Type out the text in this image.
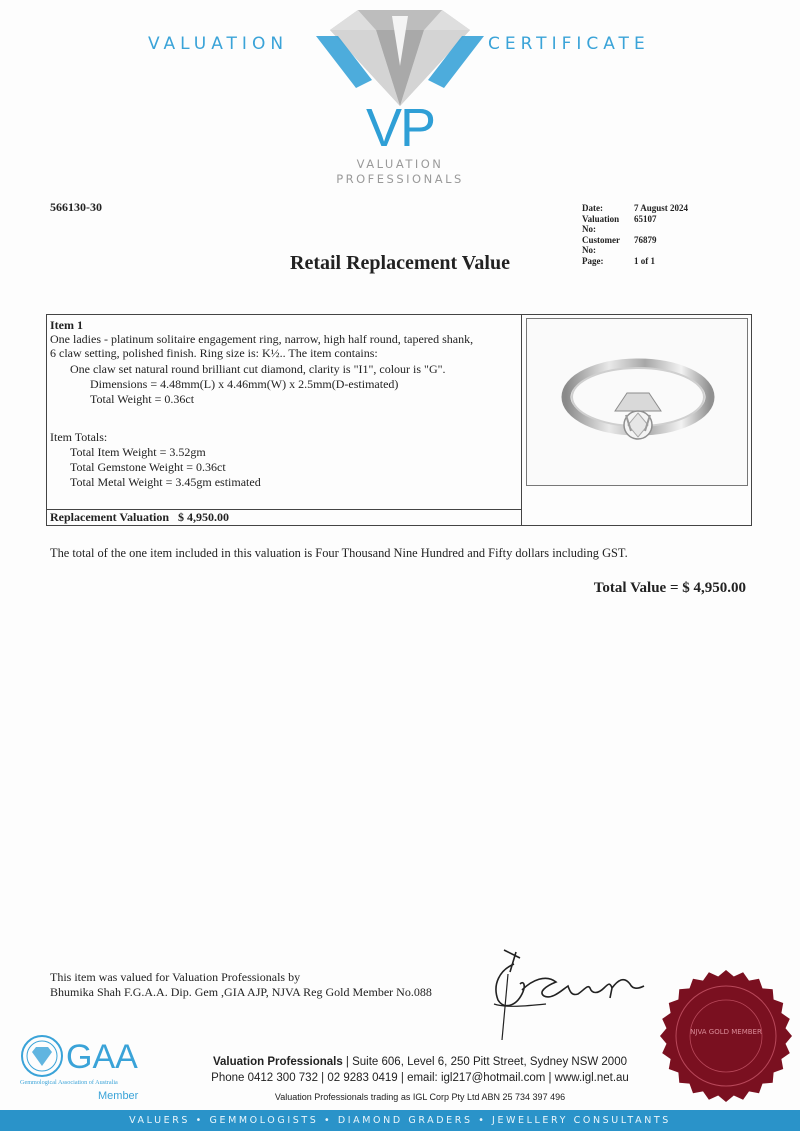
VALUATION	CERTIFICATE
VP
VALUATION
PROFESSIONALS
566130-30	Date:	7 August 2024
Valuation No:
65107
Customer No:
76879
Page:	1 of 1
Retail Replacement Value
Item 1
One ladies - platinum solitaire engagement ring, narrow, high half round, tapered shank,
6 claw setting, polished finish. Ring size is: K½.. The item contains:
One claw set natural round brilliant cut diamond, clarity is "I1", colour is "G".
Dimensions = 4.48mm(L) x 4.46mm(W) x 2.5mm(D-estimated)
Total Weight = 0.36ct
Item Totals:
Total Item Weight = 3.52gm
Total Gemstone Weight = 0.36ct
Total Metal Weight = 3.45gm estimated
Replacement Valuation $ 4,950.00
The total of the one item included in this valuation is Four Thousand Nine Hundred and Fifty dollars including GST.
Total Value = $ 4,950.00
This item was valued for Valuation Professionals by
Bhumika Shah F.G.A.A. Dip. Gem ,GIA AJP, NJVA Reg Gold Member No.088
NJVA GOLD MEMBER
GAA
Gemmological Association of Australia
Member
Valuation Professionals | Suite 606, Level 6, 250 Pitt Street, Sydney NSW 2000
Phone 0412 300 732 | 02 9283 0419 | email: igl217@hotmail.com | www.igl.net.au
Valuation Professionals trading as IGL Corp Pty Ltd ABN 25 734 397 496
VALUERS • GEMMOLOGISTS • DIAMOND GRADERS • JEWELLERY CONSULTANTS
